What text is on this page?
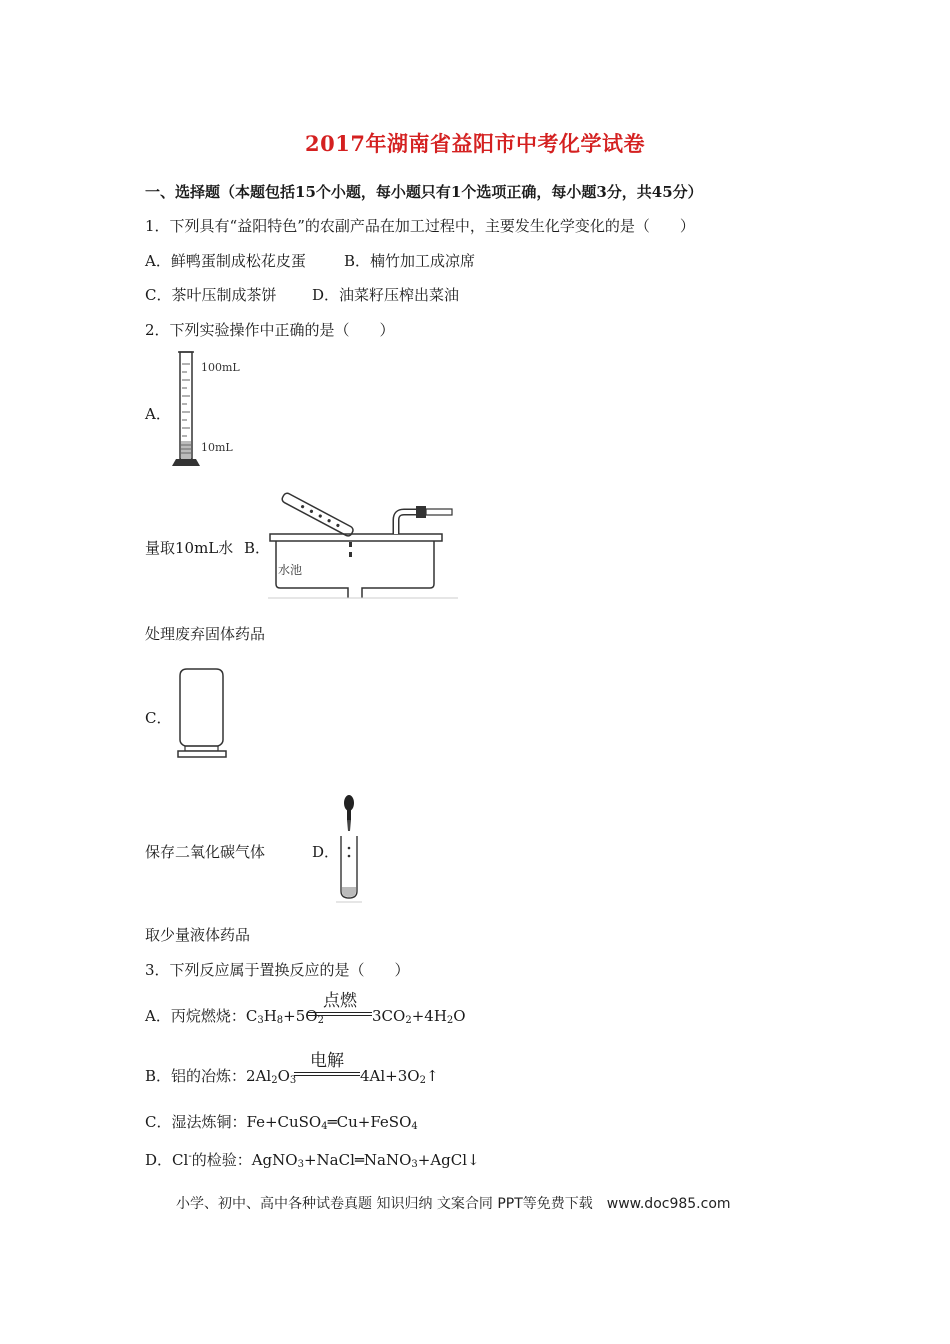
2017年湖南省益阳市中考化学试卷
一、选择题（本题包括15个小题，每小题只有1个选项正确，每小题3分，共45分）
1．下列具有“益阳特色”的农副产品在加工过程中，主要发生化学变化的是（　　）
A．鲜鸭蛋制成松花皮蛋	B．楠竹加工成凉席
C．茶叶压制成茶饼 D．油菜籽压榨出菜油
2．下列实验操作中正确的是（　　）
A．
100mL
10mL
量取10mL水 B．
水池
处理废弃固体药品
C．
保存二氧化碳气体	D．
取少量液体药品
3．下列反应属于置换反应的是（　　）
A．丙烷燃烧：$C_3H_8+5O_2$
点燃
$3CO_2+4H_2O$
B．铝的冶炼：$2Al_2O_3$
电解
$4Al+3O_2↑$
C．湿法炼铜：Fe+CuSO$_4$═Cu+FeSO$_4$
D．Cl-的检验：AgNO$_3$+NaCl═NaNO$_3$+AgCl↓
小学、初中、高中各种试卷真题 知识归纳 文案合同 PPT等免费下载　www.doc985.com
